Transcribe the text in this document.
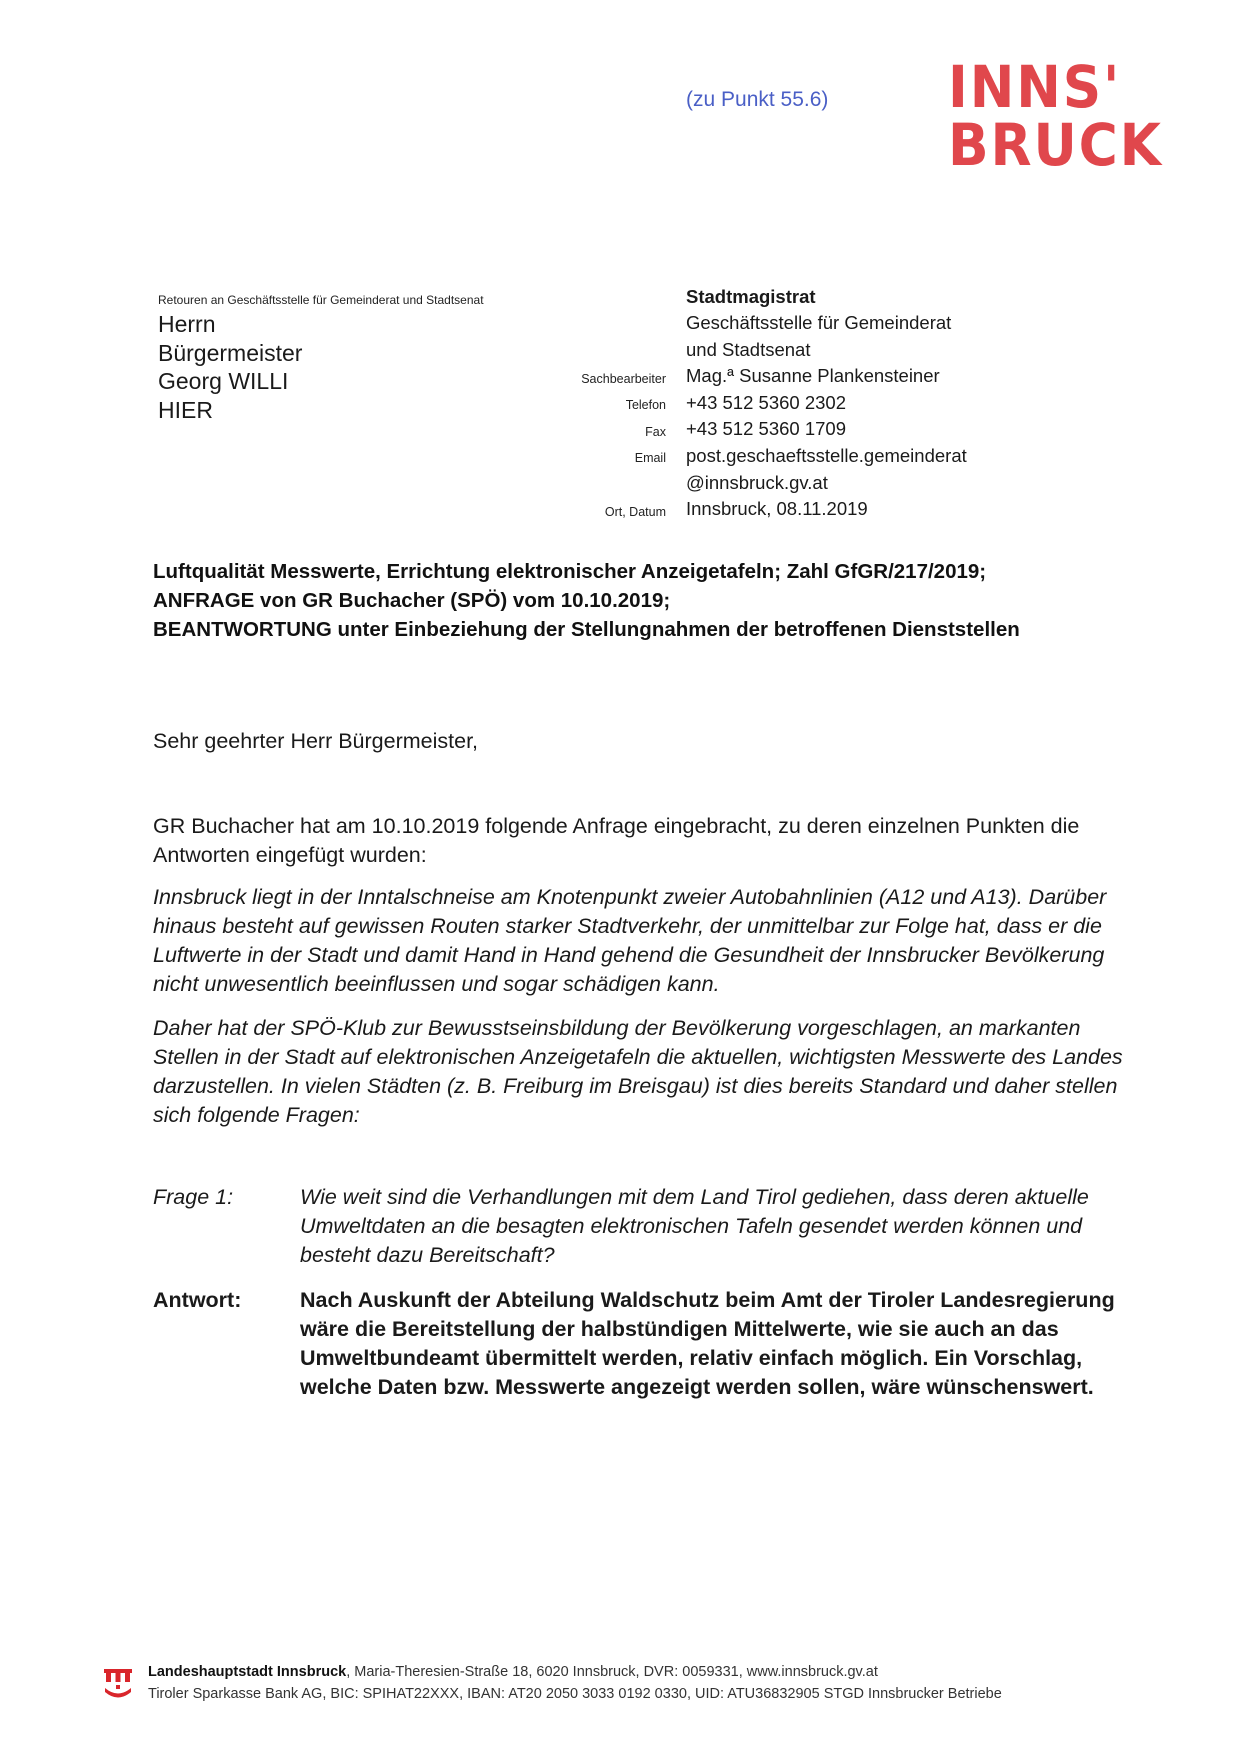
(zu Punkt 55.6) INNS'
BRUCK
Retouren an Geschäftsstelle für Gemeinderat und Stadtsenat
Herrn
Bürgermeister
Georg WILLI
HIER
Stadtmagistrat
Geschäftsstelle für Gemeinderat
und Stadtsenat
Sachbearbeiter Mag.ª Susanne Plankensteiner
Telefon +43 512 5360 2302
Fax +43 512 5360 1709
Email post.geschaeftsstelle.gemeinderat
@innsbruck.gv.at
Ort, Datum Innsbruck, 08.11.2019
Luftqualität Messwerte, Errichtung elektronischer Anzeigetafeln; Zahl GfGR/217/2019;
ANFRAGE von GR Buchacher (SPÖ) vom 10.10.2019;
BEANTWORTUNG unter Einbeziehung der Stellungnahmen der betroffenen Dienststellen
Sehr geehrter Herr Bürgermeister,
GR Buchacher hat am 10.10.2019 folgende Anfrage eingebracht, zu deren einzelnen Punkten die Antworten eingefügt wurden:
Innsbruck liegt in der Inntalschneise am Knotenpunkt zweier Autobahnlinien (A12 und A13). Darüber hinaus besteht auf gewissen Routen starker Stadtverkehr, der unmittelbar zur Folge hat, dass er die Luftwerte in der Stadt und damit Hand in Hand gehend die Gesundheit der Innsbrucker Bevölkerung nicht unwesentlich beeinflussen und sogar schädigen kann.
Daher hat der SPÖ-Klub zur Bewusstseinsbildung der Bevölkerung vorgeschlagen, an markanten Stellen in der Stadt auf elektronischen Anzeigetafeln die aktuellen, wichtigsten Messwerte des Landes darzustellen. In vielen Städten (z. B. Freiburg im Breisgau) ist dies bereits Standard und daher stellen sich folgende Fragen:
Frage 1:	Wie weit sind die Verhandlungen mit dem Land Tirol gediehen, dass deren aktuelle Umweltdaten an die besagten elektronischen Tafeln gesendet werden können und besteht dazu Bereitschaft?
Antwort:	Nach Auskunft der Abteilung Waldschutz beim Amt der Tiroler Landesregierung wäre die Bereitstellung der halbstündigen Mittelwerte, wie sie auch an das Umweltbundeamt übermittelt werden, relativ einfach möglich. Ein Vorschlag, welche Daten bzw. Messwerte angezeigt werden sollen, wäre wünschenswert.
Landeshauptstadt Innsbruck, Maria-Theresien-Straße 18, 6020 Innsbruck, DVR: 0059331, www.innsbruck.gv.at
Tiroler Sparkasse Bank AG, BIC: SPIHAT22XXX, IBAN: AT20 2050 3033 0192 0330, UID: ATU36832905 STGD Innsbrucker Betriebe
